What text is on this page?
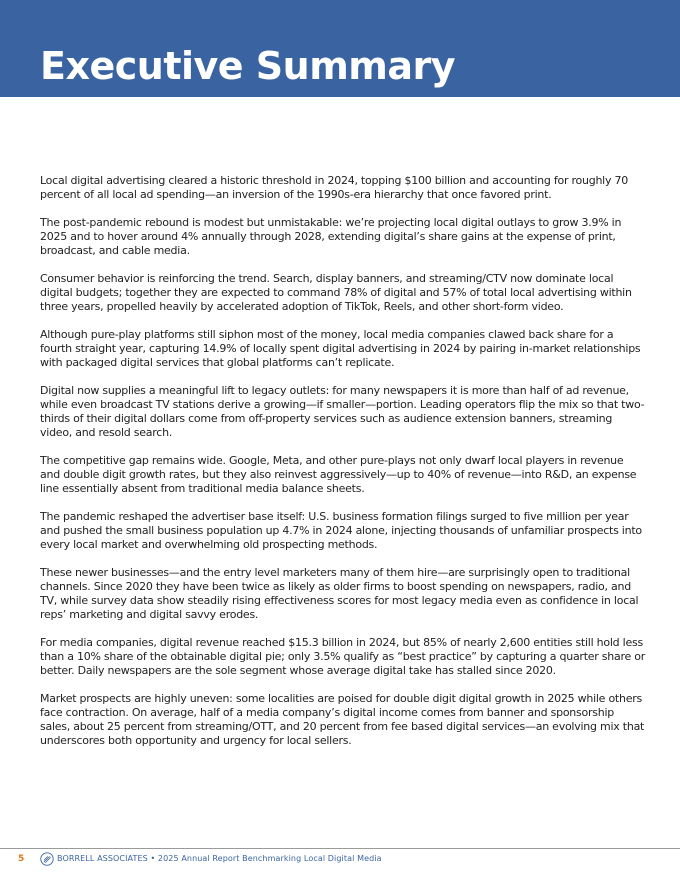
Executive Summary

Local digital advertising cleared a historic threshold in 2024, topping $100 billion and accounting for roughly 70 percent of all local ad spending—an inversion of the 1990s-era hierarchy that once favored print.

The post-pandemic rebound is modest but unmistakable: we’re projecting local digital outlays to grow 3.9% in 2025 and to hover around 4% annually through 2028, extending digital’s share gains at the expense of print, broadcast, and cable media.

Consumer behavior is reinforcing the trend. Search, display banners, and streaming/CTV now dominate local digital budgets; together they are expected to command 78% of digital and 57% of total local advertising within three years, propelled heavily by accelerated adoption of TikTok, Reels, and other short-form video.

Although pure-play platforms still siphon most of the money, local media companies clawed back share for a fourth straight year, capturing 14.9% of locally spent digital advertising in 2024 by pairing in-market relationships with packaged digital services that global platforms can’t replicate.

Digital now supplies a meaningful lift to legacy outlets: for many newspapers it is more than half of ad revenue, while even broadcast TV stations derive a growing—if smaller—portion. Leading operators flip the mix so that two-thirds of their digital dollars come from off-property services such as audience extension banners, streaming video, and resold search.

The competitive gap remains wide. Google, Meta, and other pure-plays not only dwarf local players in revenue and double digit growth rates, but they also reinvest aggressively—up to 40% of revenue—into R&D, an expense line essentially absent from traditional media balance sheets.

The pandemic reshaped the advertiser base itself: U.S. business formation filings surged to five million per year and pushed the small business population up 4.7% in 2024 alone, injecting thousands of unfamiliar prospects into every local market and overwhelming old prospecting methods.

These newer businesses—and the entry level marketers many of them hire—are surprisingly open to traditional channels. Since 2020 they have been twice as likely as older firms to boost spending on newspapers, radio, and TV, while survey data show steadily rising effectiveness scores for most legacy media even as confidence in local reps’ marketing and digital savvy erodes.

For media companies, digital revenue reached $15.3 billion in 2024, but 85% of nearly 2,600 entities still hold less than a 10% share of the obtainable digital pie; only 3.5% qualify as “best practice” by capturing a quarter share or better. Daily newspapers are the sole segment whose average digital take has stalled since 2020.

Market prospects are highly uneven: some localities are poised for double digit digital growth in 2025 while others face contraction. On average, half of a media company’s digital income comes from banner and sponsorship sales, about 25 percent from streaming/OTT, and 20 percent from fee based digital services—an evolving mix that underscores both opportunity and urgency for local sellers.

5	BORRELL ASSOCIATES • 2025 Annual Report Benchmarking Local Digital Media
